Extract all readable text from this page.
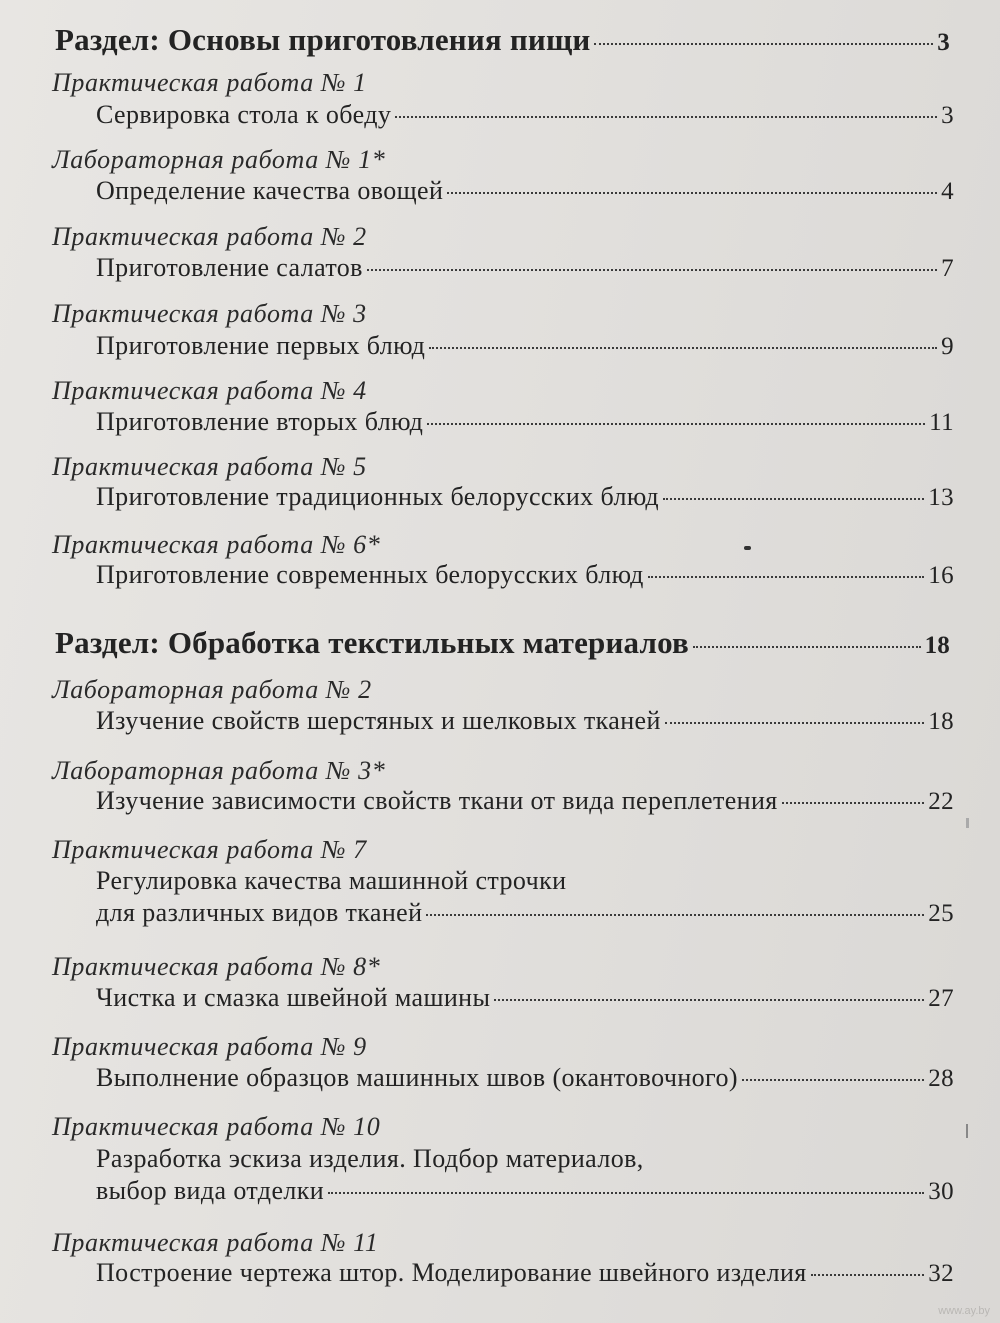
Раздел: Основы приготовления пищи	3
Практическая работа № 1
Сервировка стола к обеду	3
Лабораторная работа № 1*
Определение качества овощей	4
Практическая работа № 2
Приготовление салатов	7
Практическая работа № 3
Приготовление первых блюд	9
Практическая работа № 4
Приготовление вторых блюд	11
Практическая работа № 5
Приготовление традиционных белорусских блюд	13
Практическая работа № 6*
Приготовление современных белорусских блюд	16
Раздел: Обработка текстильных материалов	18
Лабораторная работа № 2
Изучение свойств шерстяных и шелковых тканей	18
Лабораторная работа № 3*
Изучение зависимости свойств ткани от вида переплетения	22
Практическая работа № 7
Регулировка качества машинной строчки
для различных видов тканей	25
Практическая работа № 8*
Чистка и смазка швейной машины	27
Практическая работа № 9
Выполнение образцов машинных швов (окантовочного)	28
Практическая работа № 10
Разработка эскиза изделия. Подбор материалов,
выбор вида отделки	30
Практическая работа № 11
Построение чертежа штор. Моделирование швейного изделия	32
www.ay.by
